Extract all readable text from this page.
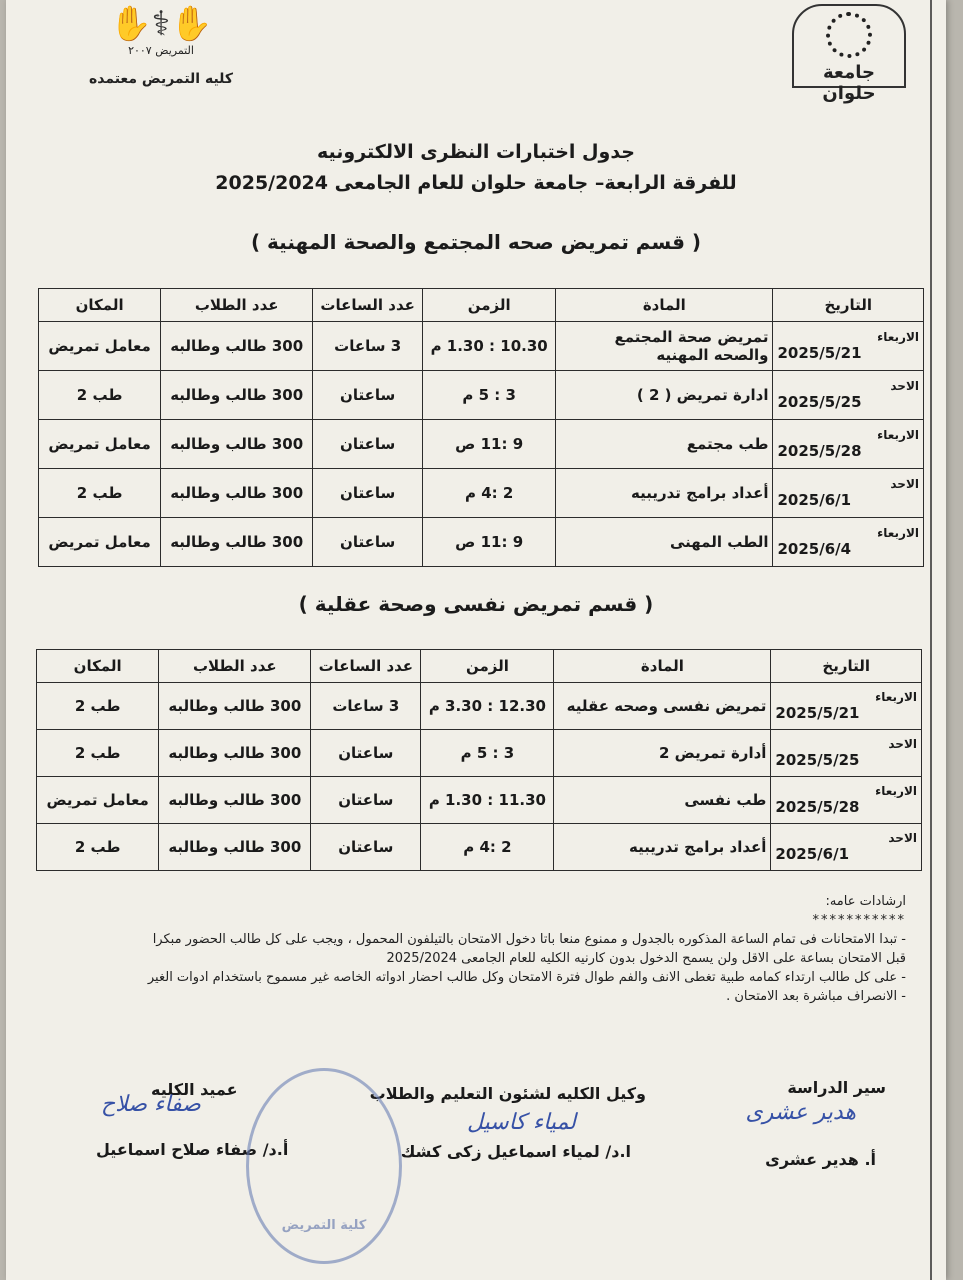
جامعة حلوان
✋⚕✋
التمريض ٢٠٠٧
كليه التمريض معتمده
جدول اختبارات النظرى الالكترونيه
للفرقة الرابعة– جامعة حلوان للعام الجامعى 2025/2024
( قسم تمريض صحه المجتمع والصحة المهنية )
التاريخ	المادة	الزمن	عدد الساعات	عدد الطلاب	المكان

الاربعاء
2025/5/21	تمريض صحة المجتمع والصحه المهنيه	10.30 : 1.30 م	3 ساعات	300 طالب وطالبه	معامل تمريض

الاحد
2025/5/25	ادارة تمريض ( 2 )	3 : 5 م	ساعتان	300 طالب وطالبه	طب 2

الاربعاء
2025/5/28	طب مجتمع	9 :11 ص	ساعتان	300 طالب وطالبه	معامل تمريض

الاحد
2025/6/1	أعداد برامج تدريبيه	2 :4 م	ساعتان	300 طالب وطالبه	طب 2

الاربعاء
2025/6/4	الطب المهنى	9 :11 ص	ساعتان	300 طالب وطالبه	معامل تمريض
( قسم تمريض نفسى وصحة عقلية )
التاريخ	المادة	الزمن	عدد الساعات	عدد الطلاب	المكان

الاربعاء
2025/5/21	تمريض نفسى وصحه عقليه	12.30 : 3.30 م	3 ساعات	300 طالب وطالبه	طب 2

الاحد
2025/5/25	أدارة تمريض 2	3 : 5 م	ساعتان	300 طالب وطالبه	طب 2

الاربعاء
2025/5/28	طب نفسى	11.30 : 1.30 م	ساعتان	300 طالب وطالبه	معامل تمريض

الاحد
2025/6/1	أعداد برامج تدريبيه	2 :4 م	ساعتان	300 طالب وطالبه	طب 2

ارشادات عامه:

***********

- تبدا الامتحانات فى تمام الساعة المذكوره بالجدول و ممنوع منعا باتا دخول الامتحان بالتيلفون المحمول ، ويجب على كل طالب الحضور مبكرا

قبل الامتحان بساعة على الاقل ولن يسمح الدخول بدون كارنيه الكليه للعام الجامعى 2025/2024

- على كل طالب ارتداء كمامه طبية تغطى الانف والفم طوال فترة الامتحان وكل طالب احضار ادواته الخاصه غير مسموح باستخدام ادوات الغير

- الانصراف مباشرة بعد الامتحان .

سير الدراسة
هدير عشرى
أ. هدير عشرى
وكيل الكليه لشئون التعليم والطلاب
لمياء كاسيل
ا.د/ لمياء اسماعيل زكى كشك
عميد الكليه
صفاء صلاح
أ.د/ صفاء صلاح اسماعيل
كلية التمريض
